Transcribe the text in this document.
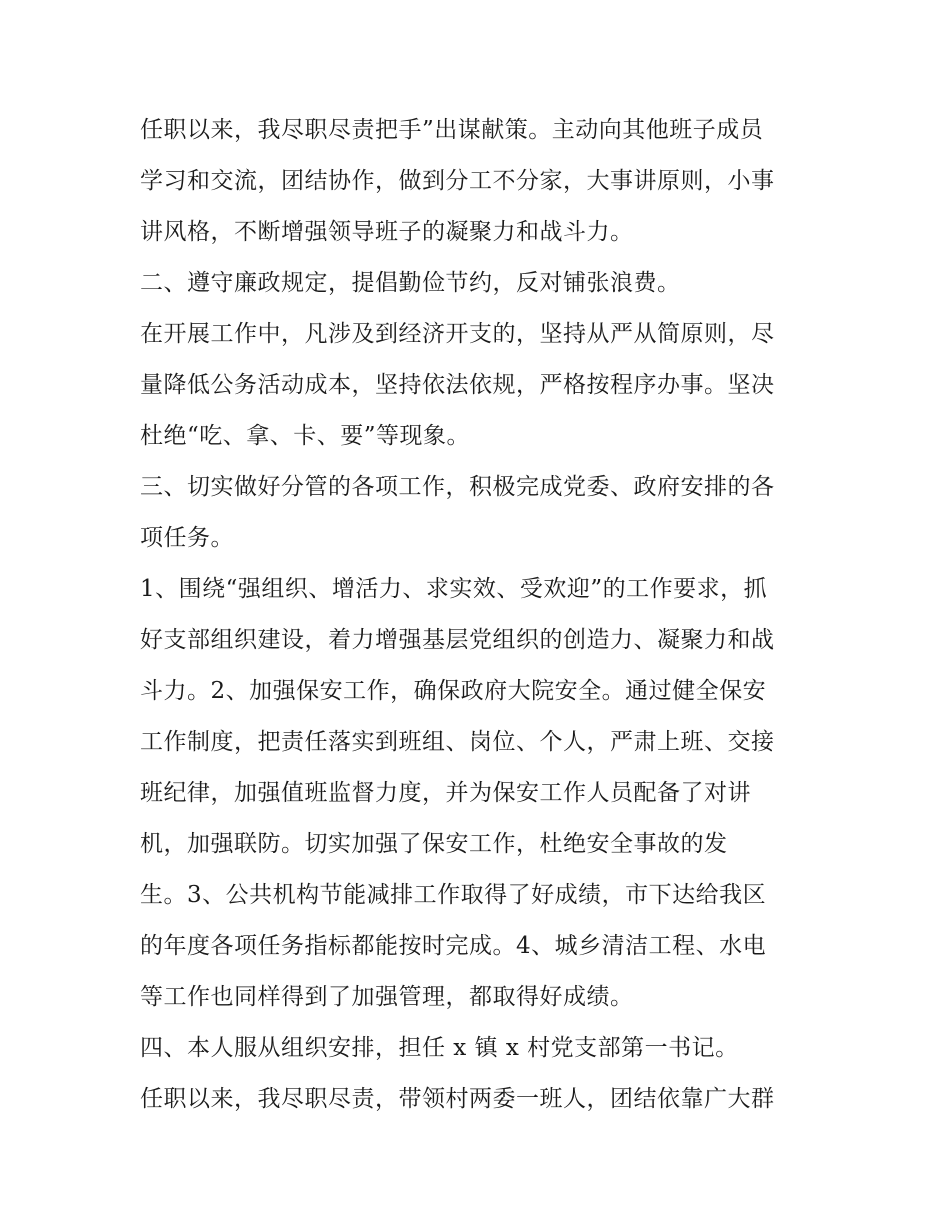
任职以来，我尽职尽责把手”出谋献策。主动向其他班子成员
学习和交流，团结协作，做到分工不分家，大事讲原则，小事
讲风格，不断增强领导班子的凝聚力和战斗力。
二、遵守廉政规定，提倡勤俭节约，反对铺张浪费。
在开展工作中，凡涉及到经济开支的，坚持从严从简原则，尽
量降低公务活动成本，坚持依法依规，严格按程序办事。坚决
杜绝“吃、拿、卡、要”等现象。
三、切实做好分管的各项工作，积极完成党委、政府安排的各
项任务。
1、围绕“强组织、增活力、求实效、受欢迎”的工作要求，抓
好支部组织建设，着力增强基层党组织的创造力、凝聚力和战
斗力。2、加强保安工作，确保政府大院安全。通过健全保安
工作制度，把责任落实到班组、岗位、个人，严肃上班、交接
班纪律，加强值班监督力度，并为保安工作人员配备了对讲
机，加强联防。切实加强了保安工作，杜绝安全事故的发
生。3、公共机构节能减排工作取得了好成绩，市下达给我区
的年度各项任务指标都能按时完成。4、城乡清洁工程、水电
等工作也同样得到了加强管理，都取得好成绩。
四、本人服从组织安排，担任 x 镇 x 村党支部第一书记。
任职以来，我尽职尽责，带领村两委一班人，团结依靠广大群
